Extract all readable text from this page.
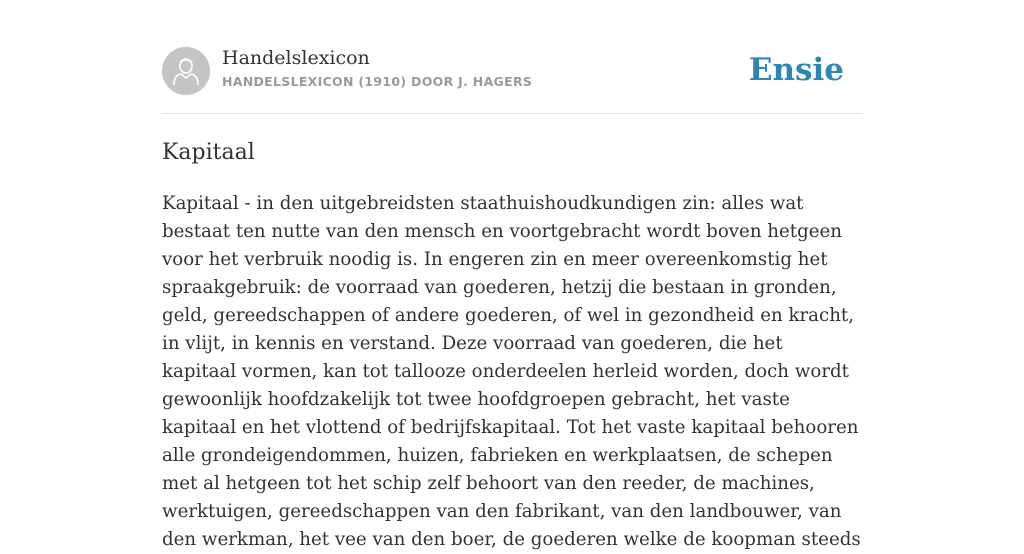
Handelslexicon
HANDELSLEXICON (1910) DOOR J. HAGERS	Ensie
Kapitaal

Kapitaal - in den uitgebreidsten staathuishoudkundigen zin: alles wat bestaat ten nutte van den mensch en voortgebracht wordt boven hetgeen voor het verbruik noodig is. In engeren zin en meer overeenkomstig het spraakgebruik: de voorraad van goederen, hetzij die bestaan in gronden, geld, gereedschappen of andere goederen, of wel in gezondheid en kracht, in vlijt, in kennis en verstand. Deze voorraad van goederen, die het kapitaal vormen, kan tot tallooze onderdeelen herleid worden, doch wordt gewoonlijk hoofdzakelijk tot twee hoofdgroepen gebracht, het vaste kapitaal en het vlottend of bedrijfskapitaal. Tot het vaste kapitaal behooren alle grondeigendommen, huizen, fabrieken en werkplaatsen, de schepen met al hetgeen tot het schip zelf behoort van den reeder, de machines, werktuigen, gereedschappen van den fabrikant, van den landbouwer, van den werkman, het vee van den boer, de goederen welke de koopman steeds
